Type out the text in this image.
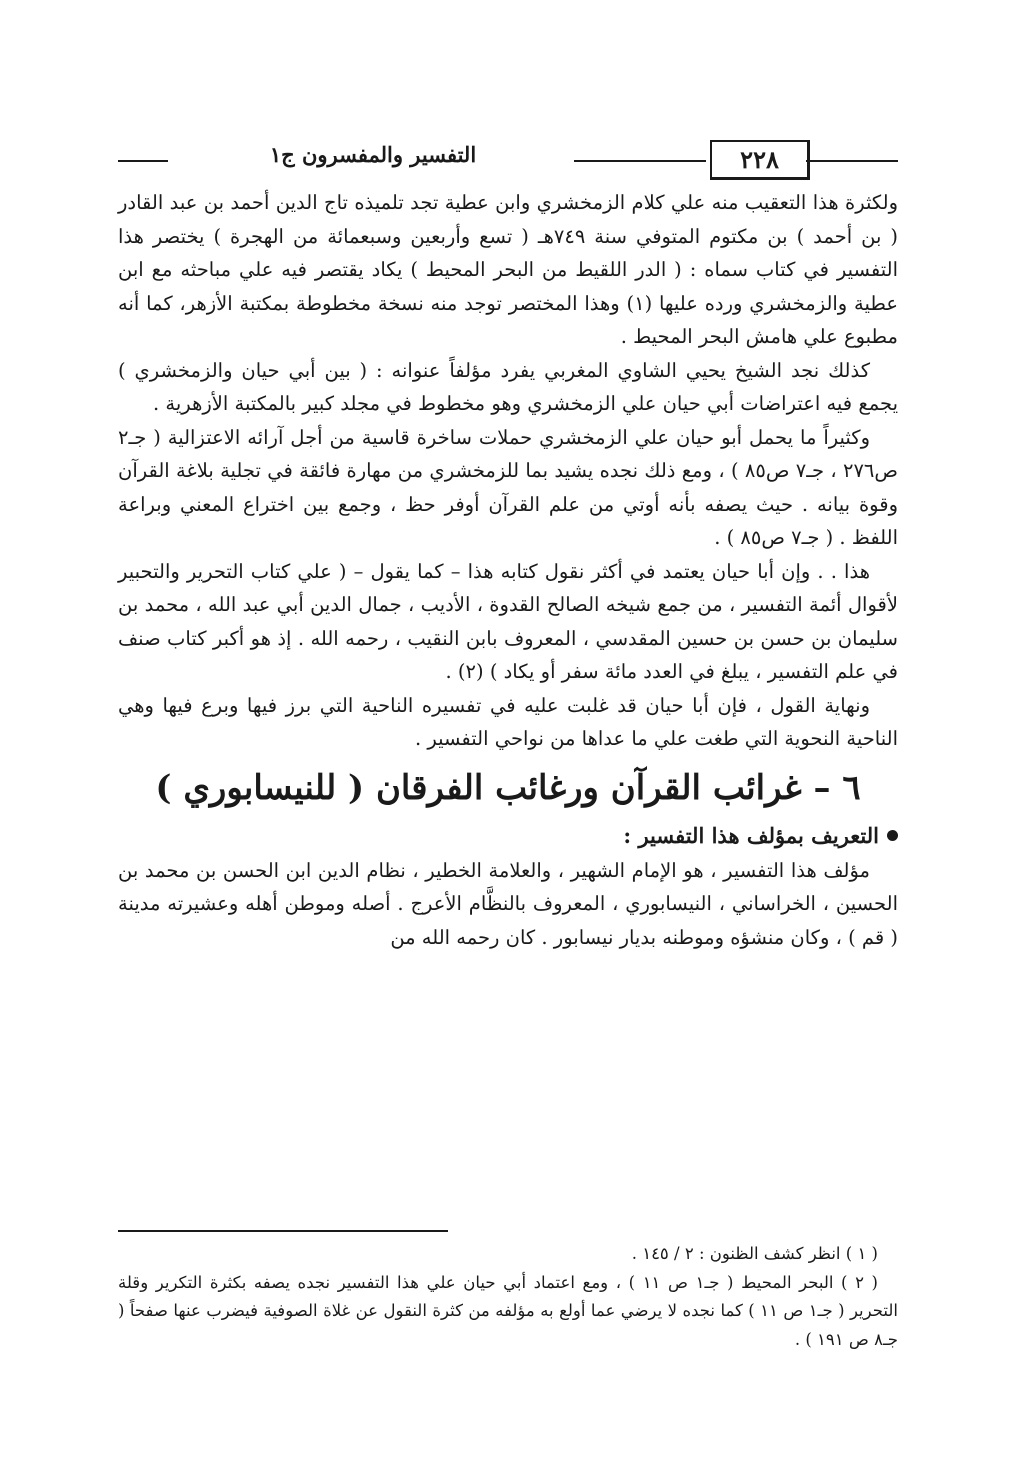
٢٢٨
التفسير والمفسرون ج١

ولكثرة هذا التعقيب منه علي كلام الزمخشري وابن عطية تجد تلميذه تاج الدين أحمد بن عبد القادر ( بن أحمد ) بن مكتوم المتوفي سنة ٧٤٩هـ ( تسع وأربعين وسبعمائة من الهجرة ) يختصر هذا التفسير في كتاب سماه : ( الدر اللقيط من البحر المحيط ) يكاد يقتصر فيه علي مباحثه مع ابن عطية والزمخشري ورده عليها (١) وهذا المختصر توجد منه نسخة مخطوطة بمكتبة الأزهر، كما أنه مطبوع علي هامش البحر المحيط .

كذلك نجد الشيخ يحيي الشاوي المغربي يفرد مؤلفاً عنوانه : ( بين أبي حيان والزمخشري ) يجمع فيه اعتراضات أبي حيان علي الزمخشري وهو مخطوط في مجلد كبير بالمكتبة الأزهرية .

وكثيراً ما يحمل أبو حيان علي الزمخشري حملات ساخرة قاسية من أجل آرائه الاعتزالية ( جـ٢ ص٢٧٦ ، جـ٧ ص٨٥ ) ، ومع ذلك نجده يشيد بما للزمخشري من مهارة فائقة في تجلية بلاغة القرآن وقوة بيانه . حيث يصفه بأنه أوتي من علم القرآن أوفر حظ ، وجمع بين اختراع المعني وبراعة اللفظ . ( جـ٧ ص٨٥ ) .

هذا . . وإن أبا حيان يعتمد في أكثر نقول كتابه هذا – كما يقول – ( علي كتاب التحرير والتحبير لأقوال أئمة التفسير ، من جمع شيخه الصالح القدوة ، الأديب ، جمال الدين أبي عبد الله ، محمد بن سليمان بن حسن بن حسين المقدسي ، المعروف بابن النقيب ، رحمه الله . إذ هو أكبر كتاب صنف في علم التفسير ، يبلغ في العدد مائة سفر أو يكاد ) (٢) .

ونهاية القول ، فإن أبا حيان قد غلبت عليه في تفسيره الناحية التي برز فيها وبرع فيها وهي الناحية النحوية التي طغت علي ما عداها من نواحي التفسير .

٦ – غرائب القرآن ورغائب الفرقان ( للنيسابوري )
التعريف بمؤلف هذا التفسير :

مؤلف هذا التفسير ، هو الإمام الشهير ، والعلامة الخطير ، نظام الدين ابن الحسن بن محمد بن الحسين ، الخراساني ، النيسابوري ، المعروف بالنظَّام الأعرج . أصله وموطن أهله وعشيرته مدينة ( قم ) ، وكان منشؤه وموطنه بديار نيسابور . كان رحمه الله من

( ١ ) انظر كشف الظنون : ٢ / ١٤٥ .

( ٢ ) البحر المحيط ( جـ١ ص ١١ ) ، ومع اعتماد أبي حيان علي هذا التفسير نجده يصفه بكثرة التكرير وقلة التحرير ( جـ١ ص ١١ ) كما نجده لا يرضي عما أولع به مؤلفه من كثرة النقول عن غلاة الصوفية فيضرب عنها صفحاً ( جـ٨ ص ١٩١ ) .
